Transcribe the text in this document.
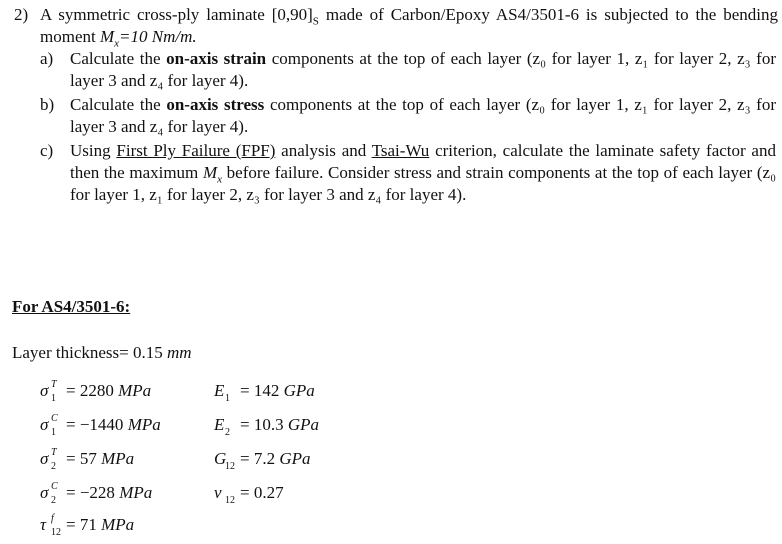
2) A symmetric cross-ply laminate $[0,90]_S$ made of Carbon/Epoxy AS4/3501-6 is subjected to the bending moment $M_x=10$ Nm/m.
a) Calculate the on-axis strain components at the top of each layer (z₀ for layer 1, z₁ for layer 2, z₃ for layer 3 and z₄ for layer 4).
b) Calculate the on-axis stress components at the top of each layer (z₀ for layer 1, z₁ for layer 2, z₃ for layer 3 and z₄ for layer 4).
c) Using First Ply Failure (FPF) analysis and Tsai-Wu criterion, calculate the laminate safety factor and then the maximum $M_x$ before failure. Consider stress and strain components at the top of each layer (z₀ for layer 1, z₁ for layer 2, z₃ for layer 3 and z₄ for layer 4).
For AS4/3501-6:
Layer thickness= 0.15 mm
σ T
1 = 2280 MPa
σ C
1 = −1440 MPa
σ T
2 = 57 MPa
σ C
2 = −228 MPa
τ f
12 = 71 MPa
E 1 = 142 GPa
E 2 = 10.3 GPa
G
12 = 7.2 GPa
ν 12 = 0.27
